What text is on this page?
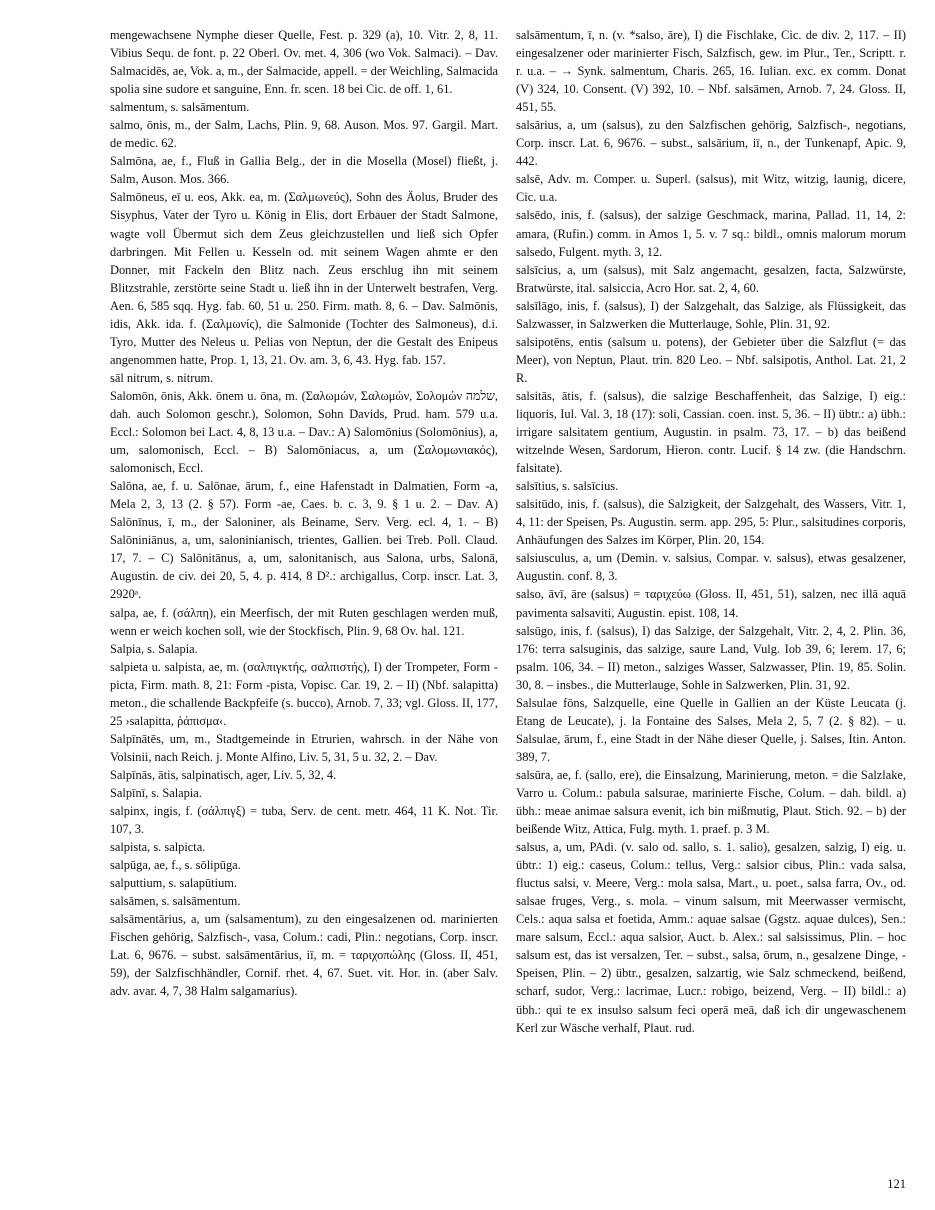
mengewachsene Nymphe dieser Quelle, Fest. p. 329 (a), 10. Vitr. 2, 8, 11. Vibius Sequ. de font. p. 22 Oberl. Ov. met. 4, 306 (wo Vok. Salmaci). – Dav. Salmacidēs, ae, Vok. a, m., der Salmacide, appell. = der Weichling, Salmacida spolia sine sudore et sanguine, Enn. fr. scen. 18 bei Cic. de off. 1, 61.

salmentum, s. salsāmentum.

salmo, ōnis, m., der Salm, Lachs, Plin. 9, 68. Auson. Mos. 97. Gargil. Mart. de medic. 62.

Salmōna, ae, f., Fluß in Gallia Belg., der in die Mosella (Mosel) fließt, j. Salm, Auson. Mos. 366.

Salmōneus, eī u. eos, Akk. ea, m. (Σαλμωνεύς), Sohn des Äolus, Bruder des Sisyphus, Vater der Tyro u. König in Elis, dort Erbauer der Stadt Salmone, wagte voll Übermut sich dem Zeus gleichzustellen und ließ sich Opfer darbringen. Mit Fellen u. Kesseln od. mit seinem Wagen ahmte er den Donner, mit Fackeln den Blitz nach. Zeus erschlug ihn mit seinem Blitzstrahle, zerstörte seine Stadt u. ließ ihn in der Unterwelt bestrafen, Verg. Aen. 6, 585 sqq. Hyg. fab. 60, 51 u. 250. Firm. math. 8, 6. – Dav. Salmōnis, idis, Akk. ida. f. (Σαλμωνίς), die Salmonide (Tochter des Salmoneus), d.i. Tyro, Mutter des Neleus u. Pelias von Neptun, der die Gestalt des Enipeus angenommen hatte, Prop. 1, 13, 21. Ov. am. 3, 6, 43. Hyg. fab. 157.

sāl nitrum, s. nitrum.

Salomōn, ōnis, Akk. ōnem u. ōna, m. (Σαλωμών, Σαλωμών, Σολομών שלמה, dah. auch Solomon geschr.), Solomon, Sohn Davids, Prud. ham. 579 u.a. Eccl.: Solomon bei Lact. 4, 8, 13 u.a. – Dav.: A) Salomōnius (Solomōnius), a, um, salomonisch, Eccl. – B) Salomōniacus, a, um (Σαλομωνιακός), salomonisch, Eccl.

Salōna, ae, f. u. Salōnae, ārum, f., eine Hafenstadt in Dalmatien, Form -a, Mela 2, 3, 13 (2. § 57). Form -ae, Caes. b. c. 3, 9. § 1 u. 2. – Dav. A) Salōnīnus, ī, m., der Saloniner, als Beiname, Serv. Verg. ecl. 4, 1. – B) Salōniniānus, a, um, saloninianisch, trientes, Gallien. bei Treb. Poll. Claud. 17, 7. – C) Salōnitānus, a, um, salonitanisch, aus Salona, urbs, Salonā, Augustin. de civ. dei 20, 5, 4. p. 414, 8 D².: archigallus, Corp. inscr. Lat. 3, 2920ᵃ.

salpa, ae, f. (σάλπη), ein Meerfisch, der mit Ruten geschlagen werden muß, wenn er weich kochen soll, wie der Stockfisch, Plin. 9, 68 Ov. hal. 121.

Salpia, s. Salapia.

salpieta u. salpista, ae, m. (σαλπιγκτής, σαλπιστής), I) der Trompeter, Form -picta, Firm. math. 8, 21: Form -pista, Vopisc. Car. 19, 2. – II) (Nbf. salapitta) meton., die schallende Backpfeife (s. bucco), Arnob. 7, 33; vgl. Gloss. II, 177, 25 ›salapitta, ῥάπισμα‹.

Salpīnātēs, um, m., Stadtgemeinde in Etrurien, wahrsch. in der Nähe von Volsinii, nach Reich. j. Monte Alfino, Liv. 5, 31, 5 u. 32, 2. – Dav.

Salpīnās, ātis, salpinatisch, ager, Liv. 5, 32, 4.

Salpīnī, s. Salapia.

salpinx, ingis, f. (σάλπιγξ) = tuba, Serv. de cent. metr. 464, 11 K. Not. Tir. 107, 3.

salpista, s. salpicta.

salpūga, ae, f., s. sōlipūga.

salputtium, s. salapūtium.

salsāmen, s. salsāmentum.

salsāmentārius, a, um (salsamentum), zu den eingesalzenen od. marinierten Fischen gehörig, Salzfisch-, vasa, Colum.: cadi, Plin.: negotians, Corp. inscr. Lat. 6, 9676. – subst. salsāmentārius, iī, m. = ταριχοπώλης (Gloss. II, 451, 59), der Salzfischhändler, Cornif. rhet. 4, 67. Suet. vit. Hor. in. (aber Salv. adv. avar. 4, 7, 38 Halm salgamarius).

salsāmentum, ī, n. (v. *salso, āre), I) die Fischlake, Cic. de div. 2, 117. – II) eingesalzener oder marinierter Fisch, Salzfisch, gew. im Plur., Ter., Scriptt. r. r. u.a. – → Synk. salmentum, Charis. 265, 16. Iulian. exc. ex comm. Donat (V) 324, 10. Consent. (V) 392, 10. – Nbf. salsāmen, Arnob. 7, 24. Gloss. II, 451, 55.

salsārius, a, um (salsus), zu den Salzfischen gehörig, Salzfisch-, negotians, Corp. inscr. Lat. 6, 9676. – subst., salsārium, iī, n., der Tunkenapf, Apic. 9, 442.

salsē, Adv. m. Comper. u. Superl. (salsus), mit Witz, witzig, launig, dicere, Cic. u.a.

salsēdo, inis, f. (salsus), der salzige Geschmack, marina, Pallad. 11, 14, 2: amara, (Rufin.) comm. in Amos 1, 5. v. 7 sq.: bildl., omnis malorum morum salsedo, Fulgent. myth. 3, 12.

salsīcius, a, um (salsus), mit Salz angemacht, gesalzen, facta, Salzwürste, Bratwürste, ital. salsiccia, Acro Hor. sat. 2, 4, 60.

salsīlāgo, inis, f. (salsus), I) der Salzgehalt, das Salzige, als Flüssigkeit, das Salzwasser, in Salzwerken die Mutterlauge, Sohle, Plin. 31, 92.

salsipotēns, entis (salsum u. potens), der Gebieter über die Salzflut (= das Meer), von Neptun, Plaut. trin. 820 Leo. – Nbf. salsipotis, Anthol. Lat. 21, 2 R.

salsitās, ātis, f. (salsus), die salzige Beschaffenheit, das Salzige, I) eig.: liquoris, Iul. Val. 3, 18 (17): soli, Cassian. coen. inst. 5, 36. – II) übtr.: a) übh.: irrigare salsitatem gentium, Augustin. in psalm. 73, 17. – b) das beißend witzelnde Wesen, Sardorum, Hieron. contr. Lucif. § 14 zw. (die Handschrn. falsitate).

salsītius, s. salsīcius.

salsitūdo, inis, f. (salsus), die Salzigkeit, der Salzgehalt, des Wassers, Vitr. 1, 4, 11: der Speisen, Ps. Augustin. serm. app. 295, 5: Plur., salsitudines corporis, Anhäufungen des Salzes im Körper, Plin. 20, 154.

salsiusculus, a, um (Demin. v. salsius, Compar. v. salsus), etwas gesalzener, Augustin. conf. 8, 3.

salso, āvī, āre (salsus) = ταριχεύω (Gloss. II, 451, 51), salzen, nec illā aquā pavimenta salsaviti, Augustin. epist. 108, 14.

salsūgo, inis, f. (salsus), I) das Salzige, der Salzgehalt, Vitr. 2, 4, 2. Plin. 36, 176: terra salsuginis, das salzige, saure Land, Vulg. Iob 39, 6; Ierem. 17, 6; psalm. 106, 34. – II) meton., salziges Wasser, Salzwasser, Plin. 19, 85. Solin. 30, 8. – insbes., die Mutterlauge, Sohle in Salzwerken, Plin. 31, 92.

Salsulae fōns, Salzquelle, eine Quelle in Gallien an der Küste Leucata (j. Etang de Leucate), j. la Fontaine des Salses, Mela 2, 5, 7 (2. § 82). – u. Salsulae, ārum, f., eine Stadt in der Nähe dieser Quelle, j. Salses, Itin. Anton. 389, 7.

salsūra, ae, f. (sallo, ere), die Einsalzung, Marinierung, meton. = die Salzlake, Varro u. Colum.: pabula salsurae, marinierte Fische, Colum. – dah. bildl. a) übh.: meae animae salsura evenit, ich bin mißmutig, Plaut. Stich. 92. – b) der beißende Witz, Attica, Fulg. myth. 1. praef. p. 3 M.

salsus, a, um, PAdi. (v. salo od. sallo, s. 1. salio), gesalzen, salzig, I) eig. u. übtr.: 1) eig.: caseus, Colum.: tellus, Verg.: salsior cibus, Plin.: vada salsa, fluctus salsi, v. Meere, Verg.: mola salsa, Mart., u. poet., salsa farra, Ov., od. salsae fruges, Verg., s. mola. – vinum salsum, mit Meerwasser vermischt, Cels.: aqua salsa et foetida, Amm.: aquae salsae (Ggstz. aquae dulces), Sen.: mare salsum, Eccl.: aqua salsior, Auct. b. Alex.: sal salsissimus, Plin. – hoc salsum est, das ist versalzen, Ter. – subst., salsa, ōrum, n., gesalzene Dinge, -Speisen, Plin. – 2) übtr., gesalzen, salzartig, wie Salz schmeckend, beißend, scharf, sudor, Verg.: lacrimae, Lucr.: robigo, beizend, Verg. – II) bildl.: a) übh.: qui te ex insulso salsum feci operā meā, daß ich dir ungewaschenem Kerl zur Wäsche verhalf, Plaut. rud.

121
